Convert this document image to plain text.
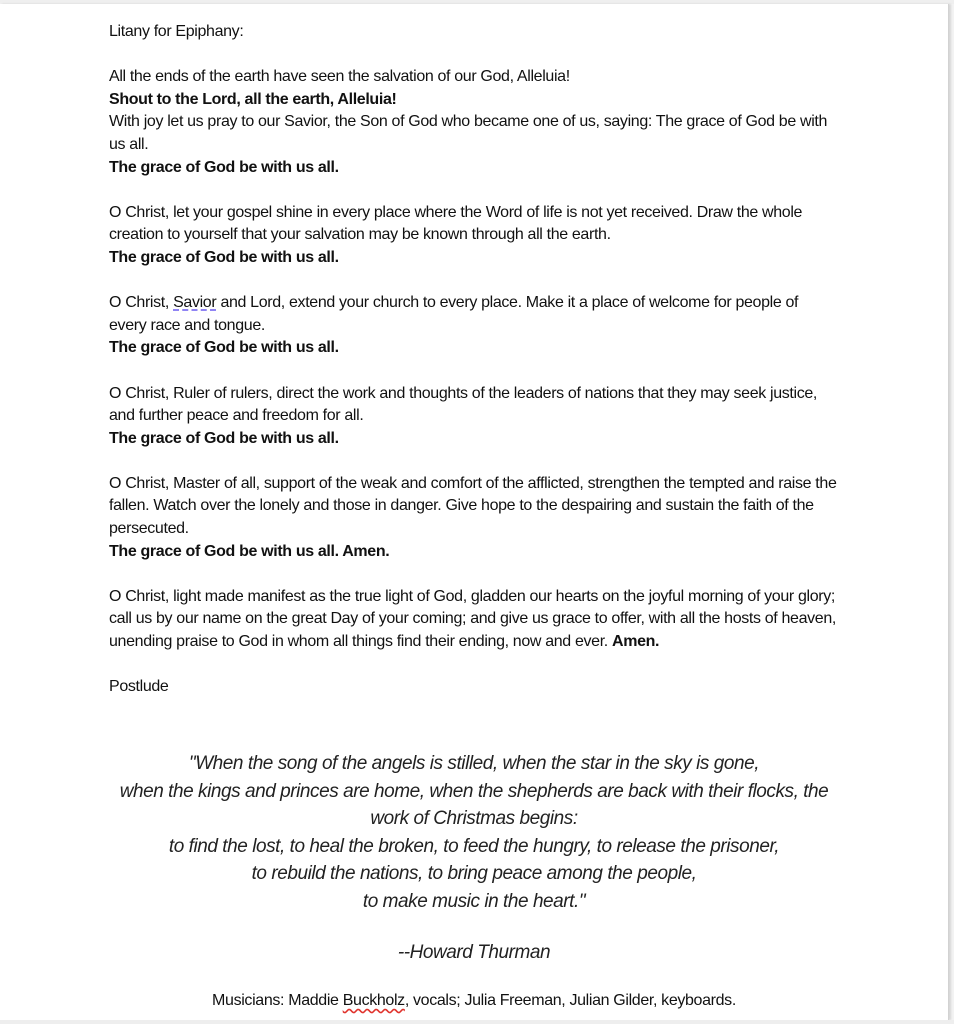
Litany for Epiphany:

All the ends of the earth have seen the salvation of our God, Alleluia!

Shout to the Lord, all the earth, Alleluia!

With joy let us pray to our Savior, the Son of God who became one of us, saying: The grace of God be with us all.

The grace of God be with us all.

O Christ, let your gospel shine in every place where the Word of life is not yet received. Draw the whole creation to yourself that your salvation may be known through all the earth.

The grace of God be with us all.

O Christ, Savior and Lord, extend your church to every place. Make it a place of welcome for people of every race and tongue.

The grace of God be with us all.

O Christ, Ruler of rulers, direct the work and thoughts of the leaders of nations that they may seek justice, and further peace and freedom for all.

The grace of God be with us all.

O Christ, Master of all, support of the weak and comfort of the afflicted, strengthen the tempted and raise the fallen. Watch over the lonely and those in danger. Give hope to the despairing and sustain the faith of the persecuted.

The grace of God be with us all. Amen.

O Christ, light made manifest as the true light of God, gladden our hearts on the joyful morning of your glory; call us by our name on the great Day of your coming; and give us grace to offer, with all the hosts of heaven, unending praise to God in whom all things find their ending, now and ever. Amen.

Postlude

"When the song of the angels is stilled, when the star in the sky is gone,

when the kings and princes are home, when the shepherds are back with their flocks, the work of Christmas begins:

to find the lost, to heal the broken, to feed the hungry, to release the prisoner,

to rebuild the nations, to bring peace among the people,

to make music in the heart."

--Howard Thurman
Musicians: Maddie Buckholz, vocals; Julia Freeman, Julian Gilder, keyboards.
